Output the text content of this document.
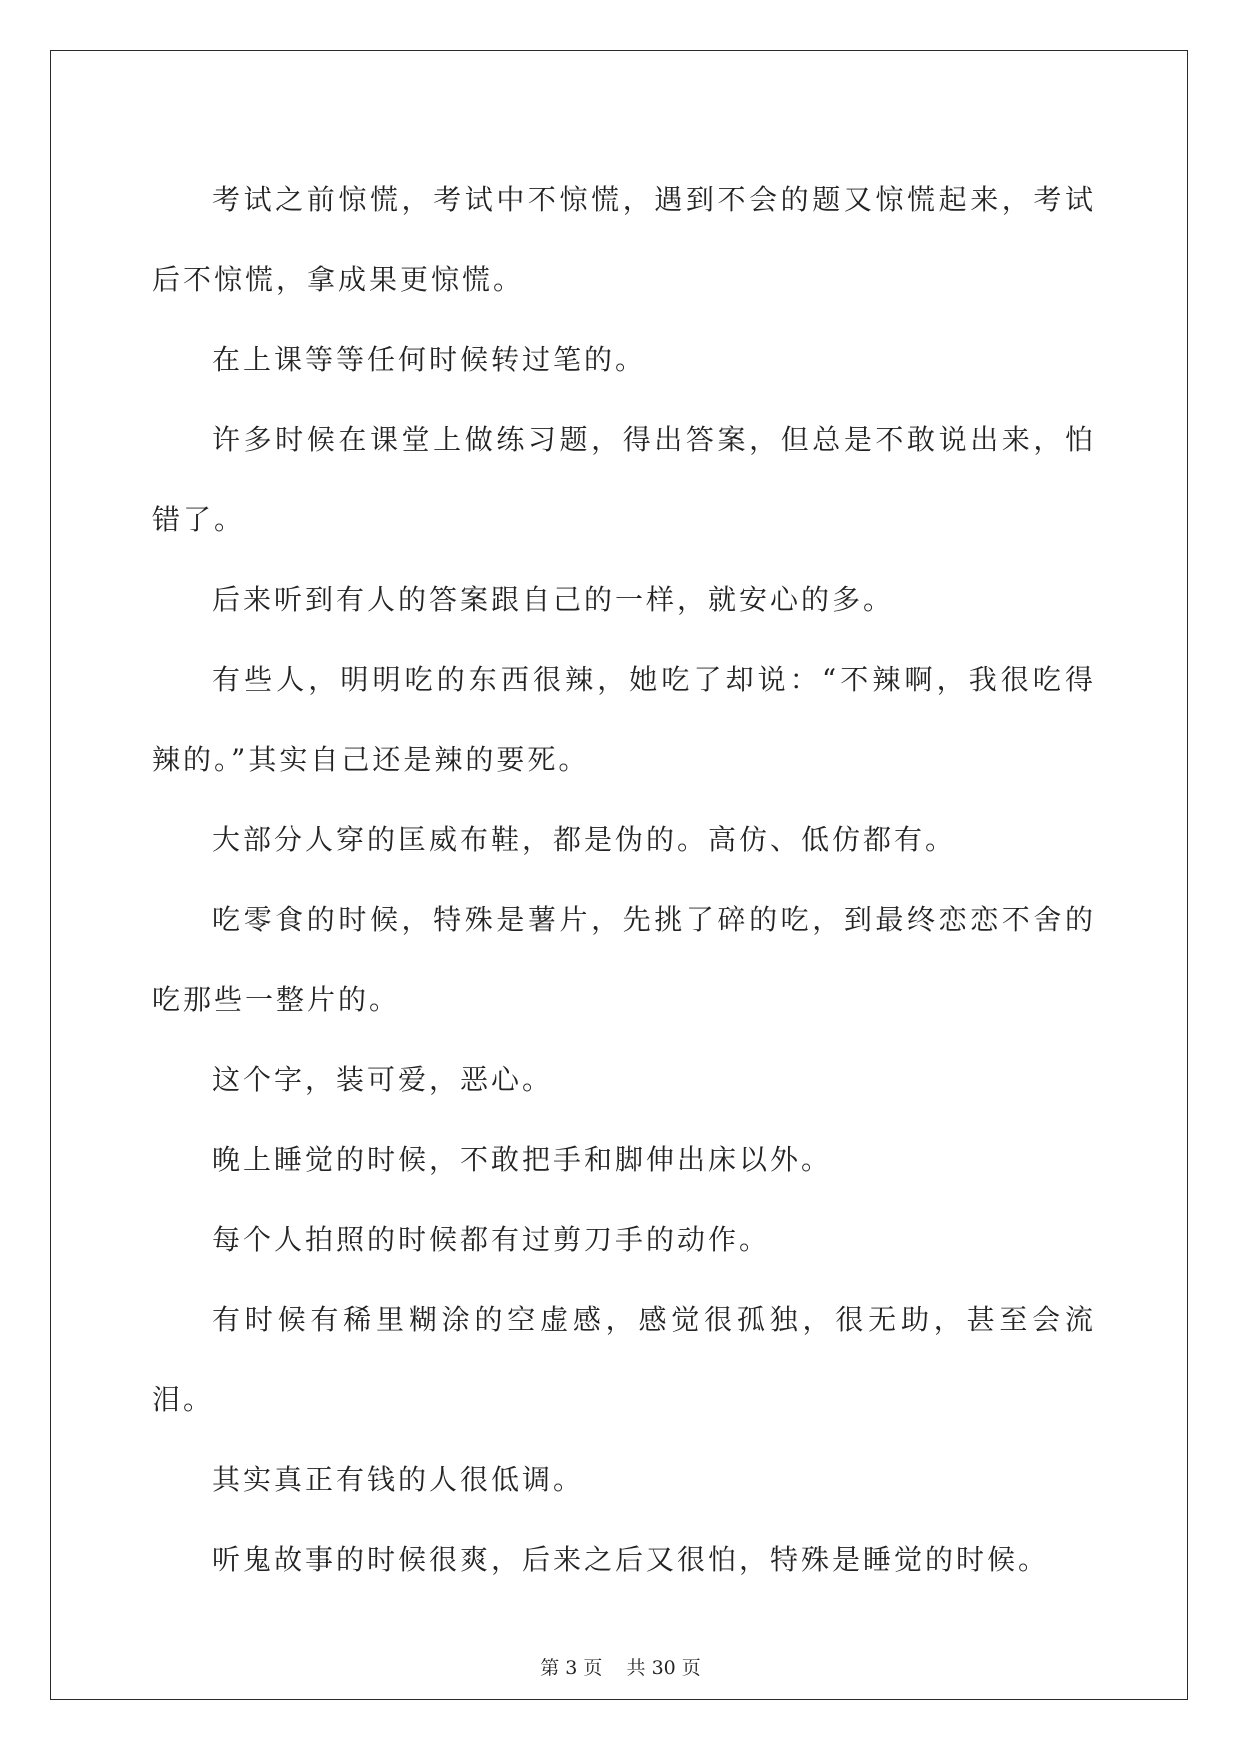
考试之前惊慌，考试中不惊慌，遇到不会的题又惊慌起来，考试后不惊慌，拿成果更惊慌。

在上课等等任何时候转过笔的。

许多时候在课堂上做练习题，得出答案，但总是不敢说出来，怕错了。

后来听到有人的答案跟自己的一样，就安心的多。

有些人，明明吃的东西很辣，她吃了却说：“不辣啊，我很吃得辣的。”其实自己还是辣的要死。

大部分人穿的匡威布鞋，都是伪的。高仿、低仿都有。

吃零食的时候，特殊是薯片，先挑了碎的吃，到最终恋恋不舍的吃那些一整片的。

这个字，装可爱，恶心。

晚上睡觉的时候，不敢把手和脚伸出床以外。

每个人拍照的时候都有过剪刀手的动作。

有时候有稀里糊涂的空虚感，感觉很孤独，很无助，甚至会流泪。

其实真正有钱的人很低调。

听鬼故事的时候很爽，后来之后又很怕，特殊是睡觉的时候。

第 3 页 共 30 页
